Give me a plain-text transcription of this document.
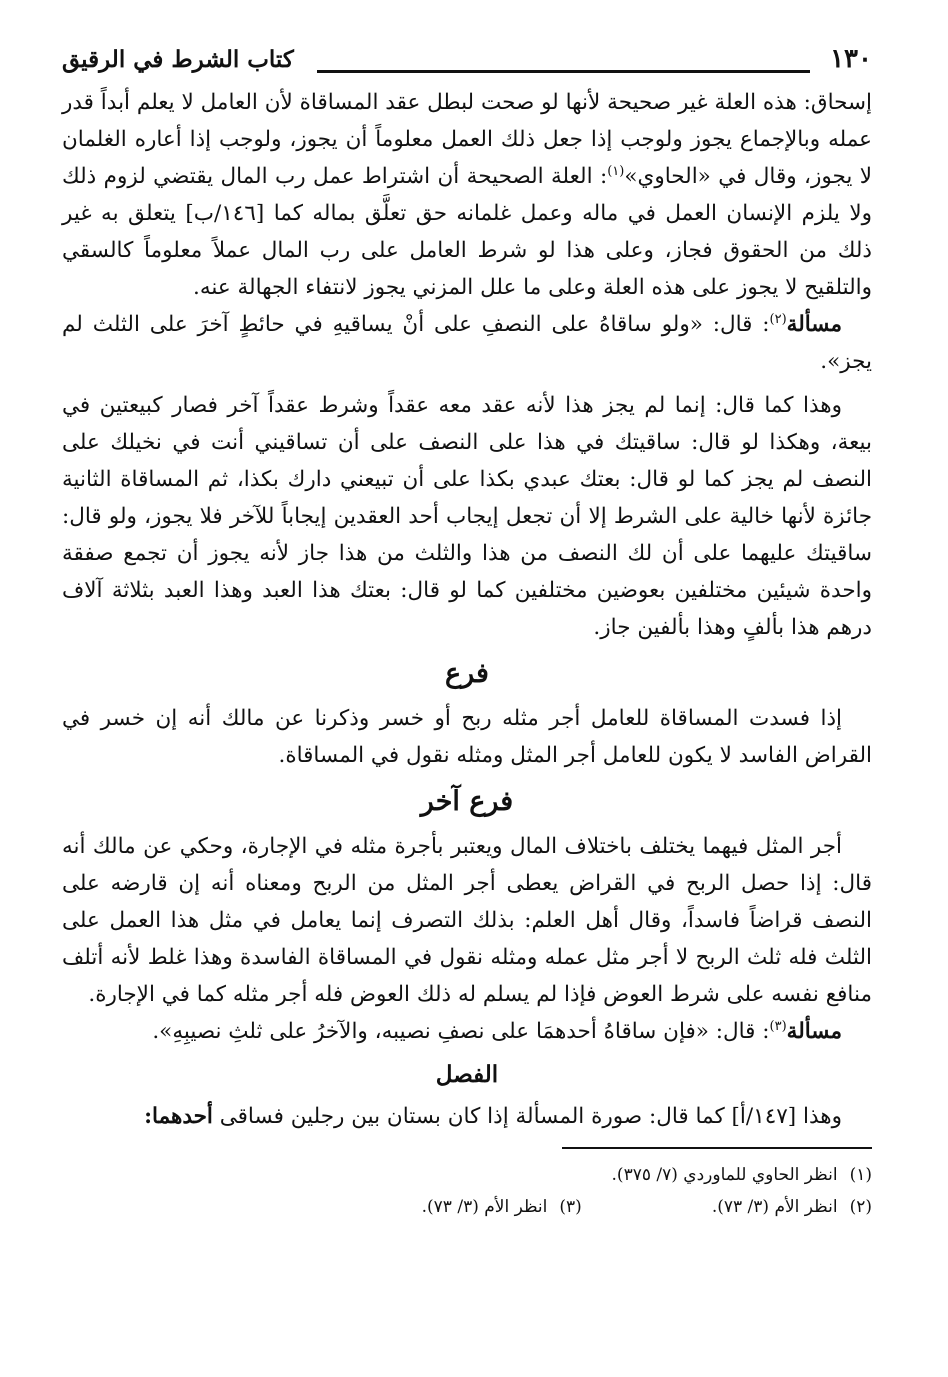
١٣٠
كتاب الشرط في الرقيق

إسحاق: هذه العلة غير صحيحة لأنها لو صحت لبطل عقد المساقاة لأن العامل لا يعلم أبداً قدر عمله وبالإجماع يجوز ولوجب إذا جعل ذلك العمل معلوماً أن يجوز، ولوجب إذا أعاره الغلمان لا يجوز، وقال في «الحاوي»$^{(١)}$: العلة الصحيحة أن اشتراط عمل رب المال يقتضي لزوم ذلك ولا يلزم الإنسان العمل في ماله وعمل غلمانه حق تعلَّق بماله كما [١٤٦/ب] يتعلق به غير ذلك من الحقوق فجاز، وعلى هذا لو شرط العامل على رب المال عملاً معلوماً كالسقي والتلقيح لا يجوز على هذه العلة وعلى ما علل المزني يجوز لانتفاء الجهالة عنه.

مسألة$^{(٢)}$: قال: «ولو ساقاهُ على النصفِ على أنْ يساقيهِ في حائطٍ آخرَ على الثلث لم يجز».

وهذا كما قال: إنما لم يجز هذا لأنه عقد معه عقداً وشرط عقداً آخر فصار كبيعتين في بيعة، وهكذا لو قال: ساقيتك في هذا على النصف على أن تساقيني أنت في نخيلك على النصف لم يجز كما لو قال: بعتك عبدي بكذا على أن تبيعني دارك بكذا، ثم المساقاة الثانية جائزة لأنها خالية على الشرط إلا أن تجعل إيجاب أحد العقدين إيجاباً للآخر فلا يجوز، ولو قال: ساقيتك عليهما على أن لك النصف من هذا والثلث من هذا جاز لأنه يجوز أن تجمع صفقة واحدة شيئين مختلفين بعوضين مختلفين كما لو قال: بعتك هذا العبد وهذا العبد بثلاثة آلاف درهم هذا بألفٍ وهذا بألفين جاز.

فرع

إذا فسدت المساقاة للعامل أجر مثله ربح أو خسر وذكرنا عن مالك أنه إن خسر في القراض الفاسد لا يكون للعامل أجر المثل ومثله نقول في المساقاة.

فرع آخر

أجر المثل فيهما يختلف باختلاف المال ويعتبر بأجرة مثله في الإجارة، وحكي عن مالك أنه قال: إذا حصل الربح في القراض يعطى أجر المثل من الربح ومعناه أنه إن قارضه على النصف قراضاً فاسداً، وقال أهل العلم: بذلك التصرف إنما يعامل في مثل هذا العمل على الثلث فله ثلث الربح لا أجر مثل عمله ومثله نقول في المساقاة الفاسدة وهذا غلط لأنه أتلف منافع نفسه على شرط العوض فإذا لم يسلم له ذلك العوض فله أجر مثله كما في الإجارة.

مسألة$^{(٣)}$: قال: «فإن ساقاهُ أحدهمَا على نصفِ نصيبه، والآخرُ على ثلثِ نصيبِهِ».

الفصل

وهذا [١٤٧/أ] كما قال: صورة المسألة إذا كان بستان بين رجلين فساقى أحدهما:

(١)انظر الحاوي للماوردي (٧/ ٣٧٥).
(٢)انظر الأم (٣/ ٧٣).
(٣)انظر الأم (٣/ ٧٣).
